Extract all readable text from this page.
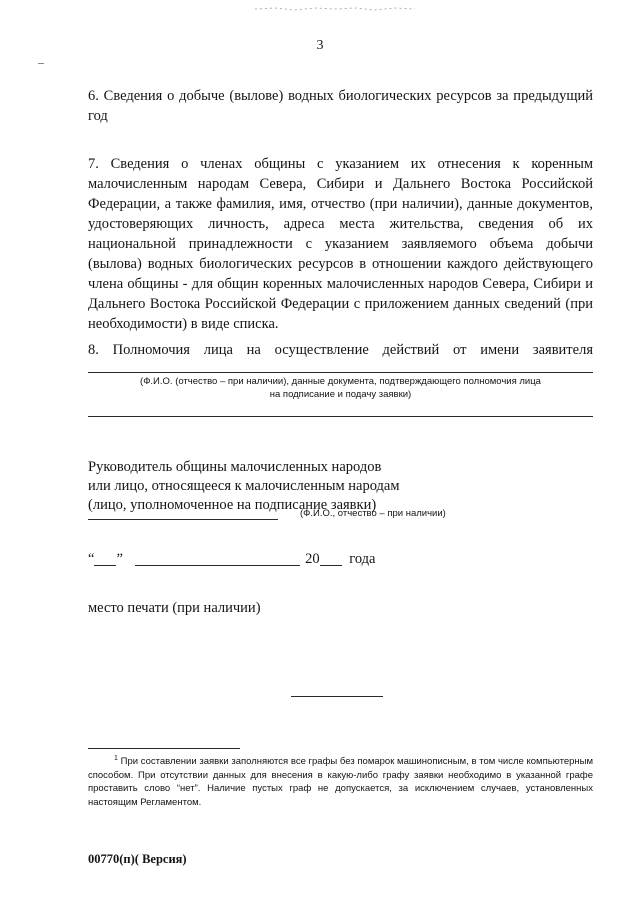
3
6. Сведения о добыче (вылове) водных биологических ресурсов за предыдущий год
7. Сведения о членах общины с указанием их отнесения к коренным малочисленным народам Севера, Сибири и Дальнего Востока Российской Федерации, а также фамилия, имя, отчество (при наличии), данные документов, удостоверяющих личность, адреса места жительства, сведения об их национальной принадлежности с указанием заявляемого объема добычи (вылова) водных биологических ресурсов в отношении каждого действующего члена общины - для общин коренных малочисленных народов Севера, Сибири и Дальнего Востока Российской Федерации с приложением данных сведений (при необходимости) в виде списка.
8. Полномочия лица на осуществление действий от имени заявителя
(Ф.И.О. (отчество – при наличии), данные документа, подтверждающего полномочия лица
на подписание и подачу заявки)
Руководитель общины малочисленных народов
или лицо, относящееся к малочисленным народам
(лицо, уполномоченное на подписание заявки)
(Ф.И.О., отчество – при наличии)
“ ”	20 года
место печати (при наличии)
$^1$ При составлении заявки заполняются все графы без помарок машинописным, в том числе компьютерным способом. При отсутствии данных для внесения в какую-либо графу заявки необходимо в указанной графе проставить слово “нет”. Наличие пустых граф не допускается, за исключением случаев, установленных настоящим Регламентом.
00770(п)( Версия)
